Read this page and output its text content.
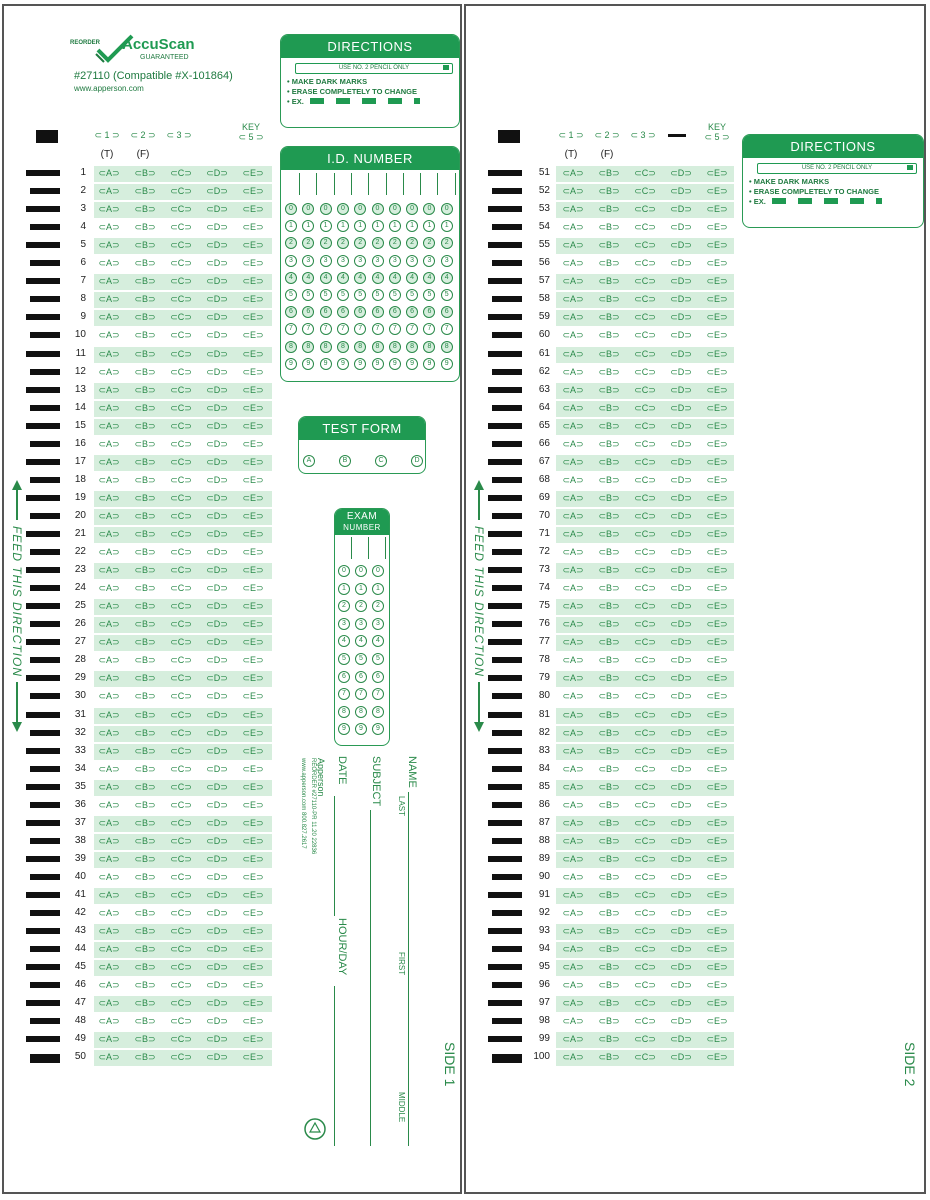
REORDER AccuScan
GUARANTEED
#27110 (Compatible #X-101864)
www.apperson.com
⊂ 1 ⊃ ⊂ 2 ⊃ ⊂ 3 ⊃
KEY
⊂ 5 ⊃
(T)	(F)
1	⊂A⊃	⊂B⊃	⊂C⊃	⊂D⊃	⊂E⊃
2	⊂A⊃	⊂B⊃	⊂C⊃	⊂D⊃	⊂E⊃
3	⊂A⊃	⊂B⊃	⊂C⊃	⊂D⊃	⊂E⊃
4	⊂A⊃	⊂B⊃	⊂C⊃	⊂D⊃	⊂E⊃
5	⊂A⊃	⊂B⊃	⊂C⊃	⊂D⊃	⊂E⊃
6	⊂A⊃	⊂B⊃	⊂C⊃	⊂D⊃	⊂E⊃
7	⊂A⊃	⊂B⊃	⊂C⊃	⊂D⊃	⊂E⊃
8	⊂A⊃	⊂B⊃	⊂C⊃	⊂D⊃	⊂E⊃
9	⊂A⊃	⊂B⊃	⊂C⊃	⊂D⊃	⊂E⊃
10	⊂A⊃	⊂B⊃	⊂C⊃	⊂D⊃	⊂E⊃
11	⊂A⊃	⊂B⊃	⊂C⊃	⊂D⊃	⊂E⊃
12	⊂A⊃	⊂B⊃	⊂C⊃	⊂D⊃	⊂E⊃
13	⊂A⊃	⊂B⊃	⊂C⊃	⊂D⊃	⊂E⊃
14	⊂A⊃	⊂B⊃	⊂C⊃	⊂D⊃	⊂E⊃
15	⊂A⊃	⊂B⊃	⊂C⊃	⊂D⊃	⊂E⊃
16	⊂A⊃	⊂B⊃	⊂C⊃	⊂D⊃	⊂E⊃
17	⊂A⊃	⊂B⊃	⊂C⊃	⊂D⊃	⊂E⊃
18	⊂A⊃	⊂B⊃	⊂C⊃	⊂D⊃	⊂E⊃
19	⊂A⊃	⊂B⊃	⊂C⊃	⊂D⊃	⊂E⊃
20	⊂A⊃	⊂B⊃	⊂C⊃	⊂D⊃	⊂E⊃
21	⊂A⊃	⊂B⊃	⊂C⊃	⊂D⊃	⊂E⊃
22	⊂A⊃	⊂B⊃	⊂C⊃	⊂D⊃	⊂E⊃
23	⊂A⊃	⊂B⊃	⊂C⊃	⊂D⊃	⊂E⊃
24	⊂A⊃	⊂B⊃	⊂C⊃	⊂D⊃	⊂E⊃
25	⊂A⊃	⊂B⊃	⊂C⊃	⊂D⊃	⊂E⊃
26	⊂A⊃	⊂B⊃	⊂C⊃	⊂D⊃	⊂E⊃
27	⊂A⊃	⊂B⊃	⊂C⊃	⊂D⊃	⊂E⊃
28	⊂A⊃	⊂B⊃	⊂C⊃	⊂D⊃	⊂E⊃
29	⊂A⊃	⊂B⊃	⊂C⊃	⊂D⊃	⊂E⊃
30	⊂A⊃	⊂B⊃	⊂C⊃	⊂D⊃	⊂E⊃
31	⊂A⊃	⊂B⊃	⊂C⊃	⊂D⊃	⊂E⊃
32	⊂A⊃	⊂B⊃	⊂C⊃	⊂D⊃	⊂E⊃
33	⊂A⊃	⊂B⊃	⊂C⊃	⊂D⊃	⊂E⊃
34	⊂A⊃	⊂B⊃	⊂C⊃	⊂D⊃	⊂E⊃
35	⊂A⊃	⊂B⊃	⊂C⊃	⊂D⊃	⊂E⊃
36	⊂A⊃	⊂B⊃	⊂C⊃	⊂D⊃	⊂E⊃
37	⊂A⊃	⊂B⊃	⊂C⊃	⊂D⊃	⊂E⊃
38	⊂A⊃	⊂B⊃	⊂C⊃	⊂D⊃	⊂E⊃
39	⊂A⊃	⊂B⊃	⊂C⊃	⊂D⊃	⊂E⊃
40	⊂A⊃	⊂B⊃	⊂C⊃	⊂D⊃	⊂E⊃
41	⊂A⊃	⊂B⊃	⊂C⊃	⊂D⊃	⊂E⊃
42	⊂A⊃	⊂B⊃	⊂C⊃	⊂D⊃	⊂E⊃
43	⊂A⊃	⊂B⊃	⊂C⊃	⊂D⊃	⊂E⊃
44	⊂A⊃	⊂B⊃	⊂C⊃	⊂D⊃	⊂E⊃
45	⊂A⊃	⊂B⊃	⊂C⊃	⊂D⊃	⊂E⊃
46	⊂A⊃	⊂B⊃	⊂C⊃	⊂D⊃	⊂E⊃
47	⊂A⊃	⊂B⊃	⊂C⊃	⊂D⊃	⊂E⊃
48	⊂A⊃	⊂B⊃	⊂C⊃	⊂D⊃	⊂E⊃
49	⊂A⊃	⊂B⊃	⊂C⊃	⊂D⊃	⊂E⊃
50	⊂A⊃	⊂B⊃	⊂C⊃	⊂D⊃	⊂E⊃
FEED THIS DIRECTION
DIRECTIONS
USE NO. 2 PENCIL ONLY
• MAKE DARK MARKS
• ERASE COMPLETELY TO CHANGE
• EX.
I.D. NUMBER
0
1
2
3
4
5
6
7
8
9
0
1
2
3
4
5
6
7
8
9
0
1
2
3
4
5
6
7
8
9
0
1
2
3
4
5
6
7
8
9
0
1
2
3
4
5
6
7
8
9
0
1
2
3
4
5
6
7
8
9
0
1
2
3
4
5
6
7
8
9
0
1
2
3
4
5
6
7
8
9
0
1
2
3
4
5
6
7
8
9
0
1
2
3
4
5
6
7
8
9
TEST FORM
A	B	C	D
EXAM
NUMBER
0
1
2
3
4
5
6
7
8
9
0
1
2
3
4
5
6
7
8
9
0
1
2
3
4
5
6
7
8
9
NAME
LAST
FIRST
MIDDLE
SUBJECT
DATE
HOUR/DAY
Apperson
REORDER #27110-PR 11.20 22836
www.apperson.com 800.827.2617
SIDE 1
⊂ 1 ⊃ ⊂ 2 ⊃ ⊂ 3 ⊃
KEY
⊂ 5 ⊃
(T)	(F)
51	⊂A⊃	⊂B⊃	⊂C⊃	⊂D⊃	⊂E⊃
52	⊂A⊃	⊂B⊃	⊂C⊃	⊂D⊃	⊂E⊃
53	⊂A⊃	⊂B⊃	⊂C⊃	⊂D⊃	⊂E⊃
54	⊂A⊃	⊂B⊃	⊂C⊃	⊂D⊃	⊂E⊃
55	⊂A⊃	⊂B⊃	⊂C⊃	⊂D⊃	⊂E⊃
56	⊂A⊃	⊂B⊃	⊂C⊃	⊂D⊃	⊂E⊃
57	⊂A⊃	⊂B⊃	⊂C⊃	⊂D⊃	⊂E⊃
58	⊂A⊃	⊂B⊃	⊂C⊃	⊂D⊃	⊂E⊃
59	⊂A⊃	⊂B⊃	⊂C⊃	⊂D⊃	⊂E⊃
60	⊂A⊃	⊂B⊃	⊂C⊃	⊂D⊃	⊂E⊃
61	⊂A⊃	⊂B⊃	⊂C⊃	⊂D⊃	⊂E⊃
62	⊂A⊃	⊂B⊃	⊂C⊃	⊂D⊃	⊂E⊃
63	⊂A⊃	⊂B⊃	⊂C⊃	⊂D⊃	⊂E⊃
64	⊂A⊃	⊂B⊃	⊂C⊃	⊂D⊃	⊂E⊃
65	⊂A⊃	⊂B⊃	⊂C⊃	⊂D⊃	⊂E⊃
66	⊂A⊃	⊂B⊃	⊂C⊃	⊂D⊃	⊂E⊃
67	⊂A⊃	⊂B⊃	⊂C⊃	⊂D⊃	⊂E⊃
68	⊂A⊃	⊂B⊃	⊂C⊃	⊂D⊃	⊂E⊃
69	⊂A⊃	⊂B⊃	⊂C⊃	⊂D⊃	⊂E⊃
70	⊂A⊃	⊂B⊃	⊂C⊃	⊂D⊃	⊂E⊃
71	⊂A⊃	⊂B⊃	⊂C⊃	⊂D⊃	⊂E⊃
72	⊂A⊃	⊂B⊃	⊂C⊃	⊂D⊃	⊂E⊃
73	⊂A⊃	⊂B⊃	⊂C⊃	⊂D⊃	⊂E⊃
74	⊂A⊃	⊂B⊃	⊂C⊃	⊂D⊃	⊂E⊃
75	⊂A⊃	⊂B⊃	⊂C⊃	⊂D⊃	⊂E⊃
76	⊂A⊃	⊂B⊃	⊂C⊃	⊂D⊃	⊂E⊃
77	⊂A⊃	⊂B⊃	⊂C⊃	⊂D⊃	⊂E⊃
78	⊂A⊃	⊂B⊃	⊂C⊃	⊂D⊃	⊂E⊃
79	⊂A⊃	⊂B⊃	⊂C⊃	⊂D⊃	⊂E⊃
80	⊂A⊃	⊂B⊃	⊂C⊃	⊂D⊃	⊂E⊃
81	⊂A⊃	⊂B⊃	⊂C⊃	⊂D⊃	⊂E⊃
82	⊂A⊃	⊂B⊃	⊂C⊃	⊂D⊃	⊂E⊃
83	⊂A⊃	⊂B⊃	⊂C⊃	⊂D⊃	⊂E⊃
84	⊂A⊃	⊂B⊃	⊂C⊃	⊂D⊃	⊂E⊃
85	⊂A⊃	⊂B⊃	⊂C⊃	⊂D⊃	⊂E⊃
86	⊂A⊃	⊂B⊃	⊂C⊃	⊂D⊃	⊂E⊃
87	⊂A⊃	⊂B⊃	⊂C⊃	⊂D⊃	⊂E⊃
88	⊂A⊃	⊂B⊃	⊂C⊃	⊂D⊃	⊂E⊃
89	⊂A⊃	⊂B⊃	⊂C⊃	⊂D⊃	⊂E⊃
90	⊂A⊃	⊂B⊃	⊂C⊃	⊂D⊃	⊂E⊃
91	⊂A⊃	⊂B⊃	⊂C⊃	⊂D⊃	⊂E⊃
92	⊂A⊃	⊂B⊃	⊂C⊃	⊂D⊃	⊂E⊃
93	⊂A⊃	⊂B⊃	⊂C⊃	⊂D⊃	⊂E⊃
94	⊂A⊃	⊂B⊃	⊂C⊃	⊂D⊃	⊂E⊃
95	⊂A⊃	⊂B⊃	⊂C⊃	⊂D⊃	⊂E⊃
96	⊂A⊃	⊂B⊃	⊂C⊃	⊂D⊃	⊂E⊃
97	⊂A⊃	⊂B⊃	⊂C⊃	⊂D⊃	⊂E⊃
98	⊂A⊃	⊂B⊃	⊂C⊃	⊂D⊃	⊂E⊃
99	⊂A⊃	⊂B⊃	⊂C⊃	⊂D⊃	⊂E⊃
100	⊂A⊃	⊂B⊃	⊂C⊃	⊂D⊃	⊂E⊃
FEED THIS DIRECTION
DIRECTIONS
USE NO. 2 PENCIL ONLY
• MAKE DARK MARKS
• ERASE COMPLETELY TO CHANGE
• EX.
SIDE 2
